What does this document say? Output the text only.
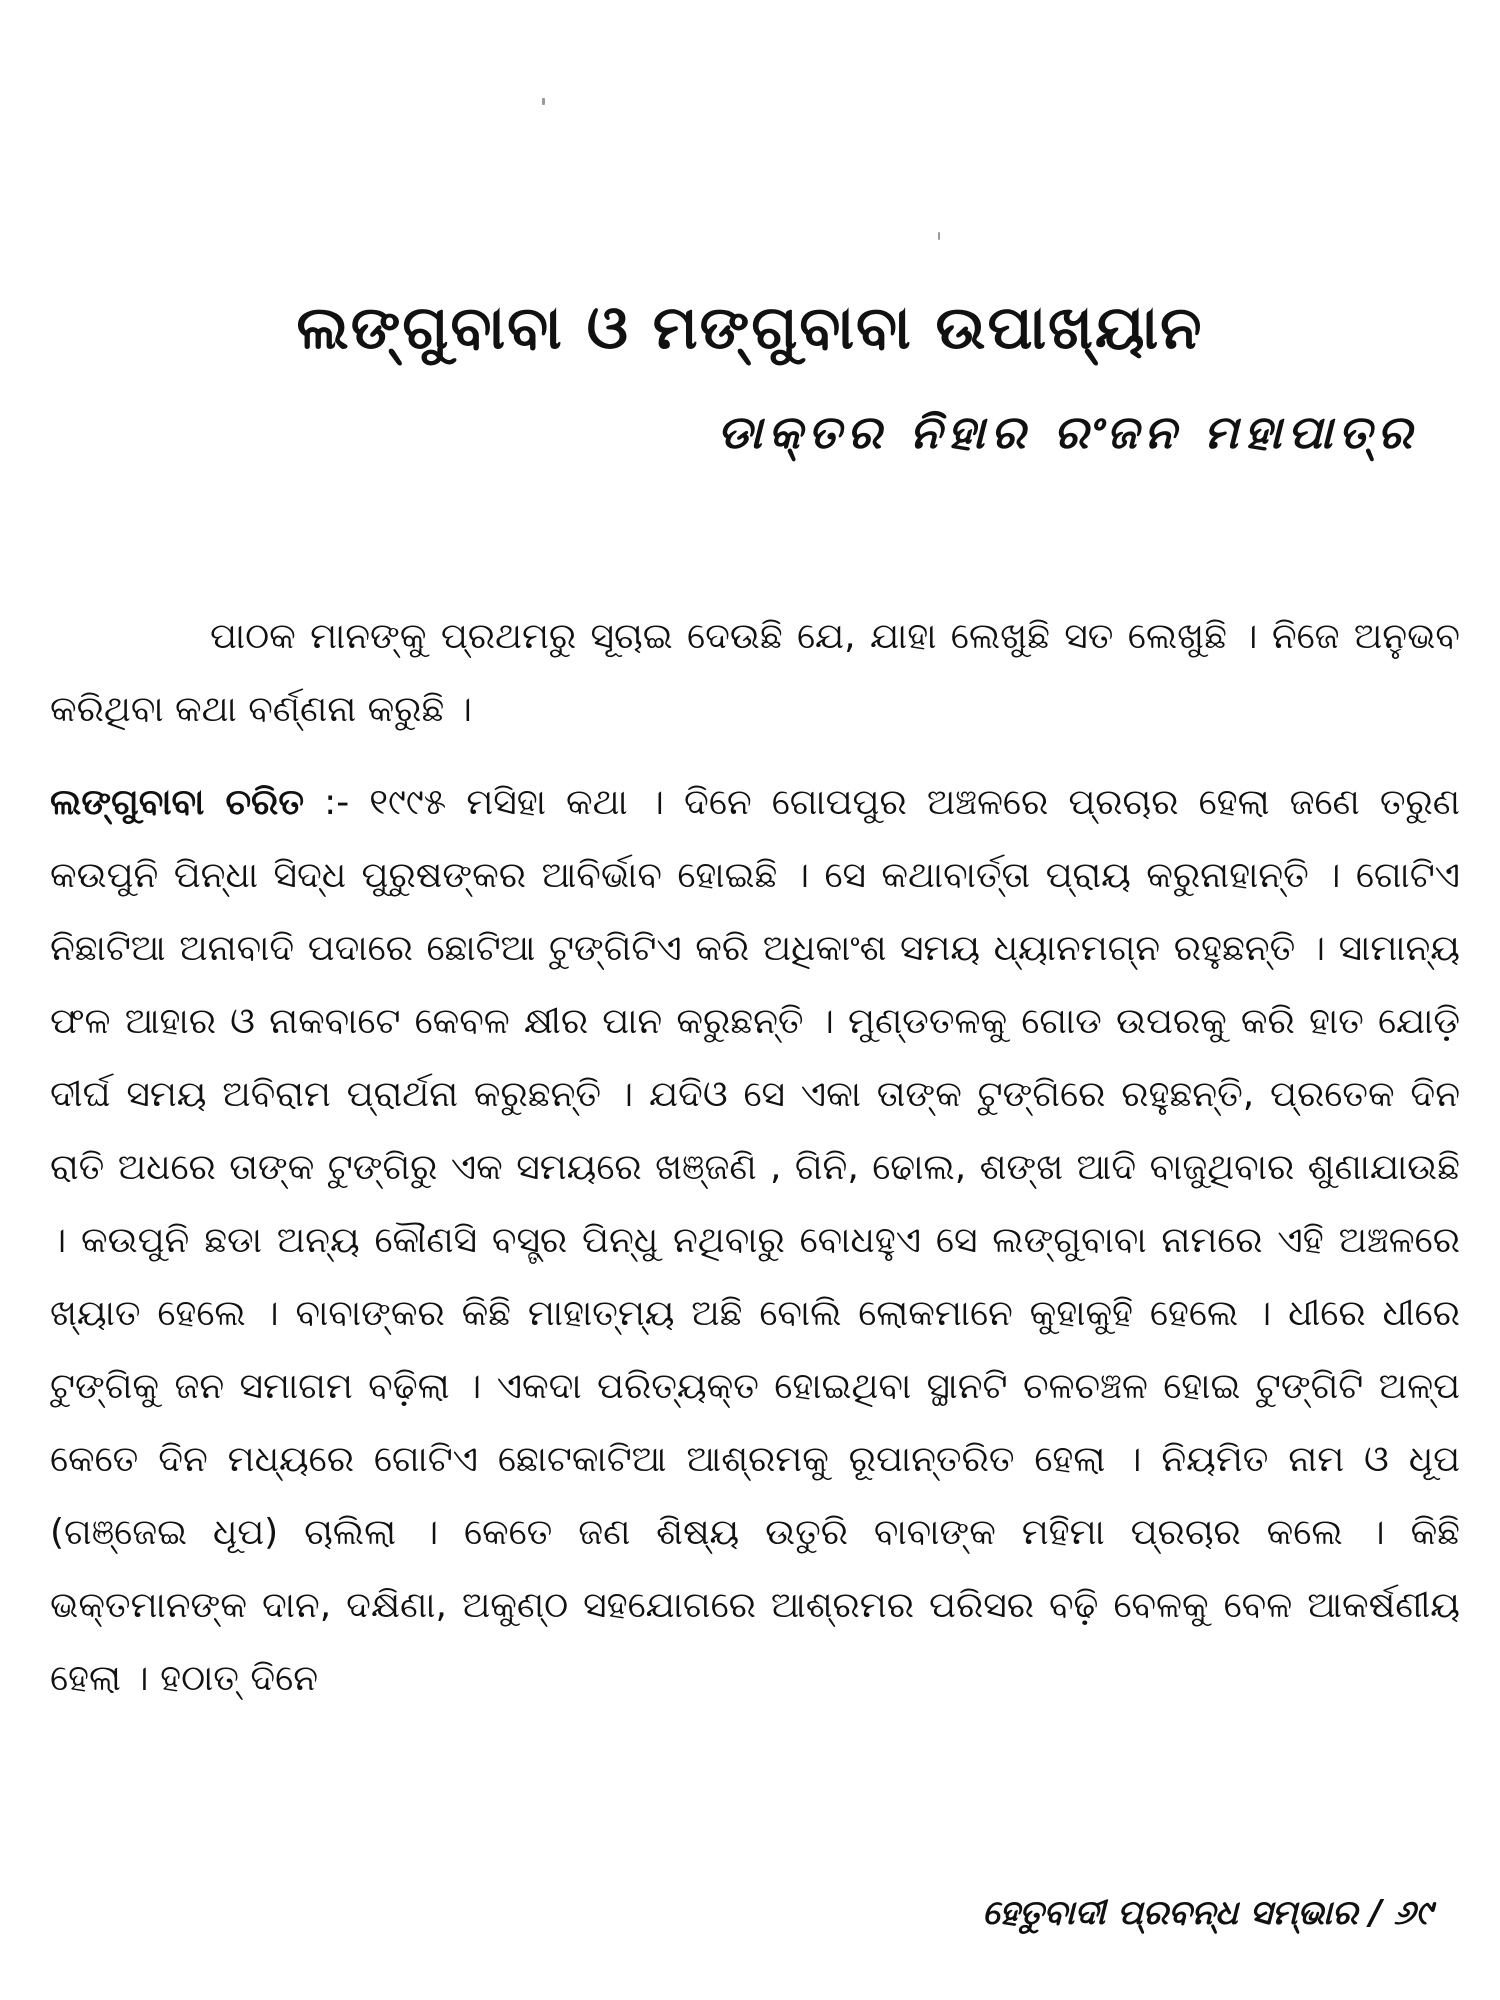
ଲଙ୍ଗୁବାବା ଓ ମଙ୍ଗୁବାବା ଉପାଖ୍ୟାନ

ଡାକ୍ତର ନିହାର ରଂଜନ ମହାପାତ୍ର

ପାଠକ ମାନଙ୍କୁ ପ୍ରଥମରୁ ସୂଚାଇ ଦେଉଛି ଯେ, ଯାହା ଲେଖୁଛି ସତ ଲେଖୁଛି । ନିଜେ ଅନୁଭବ କରିଥିବା କଥା ବର୍ଣ୍ଣନା କରୁଛି ।

ଲଙ୍ଗୁବାବା ଚରିତ :- ୧୯୯୫ ମସିହା କଥା । ଦିନେ ଗୋପପୁର ଅଞ୍ଚଳରେ ପ୍ରଚାର ହେଲା ଜଣେ ତରୁଣ କଉପୁନି ପିନ୍ଧା ସିଦ୍ଧ ପୁରୁଷଙ୍କର ଆବିର୍ଭାବ ହୋଇଛି । ସେ କଥାବାର୍ତ୍ତା ପ୍ରାୟ କରୁନାହାନ୍ତି । ଗୋଟିଏ ନିଛାଟିଆ ଅନାବାଦି ପଦାରେ ଛୋଟିଆ ଟୁଙ୍ଗିଟିଏ କରି ଅଧିକାଂଶ ସମୟ ଧ୍ୟାନମଗ୍ନ ରହୁଛନ୍ତି । ସାମାନ୍ୟ ଫଳ ଆହାର ଓ ନାକବାଟେ କେବଳ କ୍ଷୀର ପାନ କରୁଛନ୍ତି । ମୁଣ୍ଡତଳକୁ ଗୋଡ ଉପରକୁ କରି ହାତ ଯୋଡ଼ି ଦୀର୍ଘ ସମୟ ଅବିରାମ ପ୍ରାର୍ଥନା କରୁଛନ୍ତି । ଯଦିଓ ସେ ଏକା ତାଙ୍କ ଟୁଙ୍ଗିରେ ରହୁଛନ୍ତି, ପ୍ରତେକ ଦିନ ରାତି ଅଧରେ ତାଙ୍କ ଟୁଙ୍ଗିରୁ ଏକ ସମୟରେ ଖଞ୍ଜଣି , ଗିନି, ଢୋଲ, ଶଙ୍ଖ ଆଦି ବାଜୁଥିବାର ଶୁଣାଯାଉଛି । କଉପୁନି ଛଡା ଅନ୍ୟ କୌଣସି ବସ୍ତ୍ର ପିନ୍ଧୁ ନଥିବାରୁ ବୋଧହୁଏ ସେ ଲଙ୍ଗୁବାବା ନାମରେ ଏହି ଅଞ୍ଚଳରେ ଖ୍ୟାତ ହେଲେ । ବାବାଙ୍କର କିଛି ମାହାତ୍ମ୍ୟ ଅଛି ବୋଲି ଲୋକମାନେ କୁହାକୁହି ହେଲେ । ଧୀରେ ଧୀରେ ଟୁଙ୍ଗିକୁ ଜନ ସମାଗମ ବଢ଼ିଲା । ଏକଦା ପରିତ୍ୟକ୍ତ ହୋଇଥିବା ସ୍ଥାନଟି ଚଳଚଞ୍ଚଳ ହୋଇ ଟୁଙ୍ଗିଟି ଅଳ୍ପ କେତେ ଦିନ ମଧ୍ୟରେ ଗୋଟିଏ ଛୋଟକାଟିଆ ଆଶ୍ରମକୁ ରୂପାନ୍ତରିତ ହେଲା । ନିୟମିତ ନାମ ଓ ଧୂପ (ଗଞ୍ଜେଇ ଧୂପ) ଚାଲିଲା । କେତେ ଜଣ ଶିଷ୍ୟ ଉତୁରି ବାବାଙ୍କ ମହିମା ପ୍ରଚାର କଲେ । କିଛି ଭକ୍ତମାନଙ୍କ ଦାନ, ଦକ୍ଷିଣା, ଅକୁଣ୍ଠ ସହଯୋଗରେ ଆଶ୍ରମର ପରିସର ବଢ଼ି ବେଳକୁ ବେଳ ଆକର୍ଷଣୀୟ ହେଲା । ହଠାତ୍ ଦିନେ

ହେତୁବାଦୀ ପ୍ରବନ୍ଧ ସମ୍ଭାର / ୬୯
